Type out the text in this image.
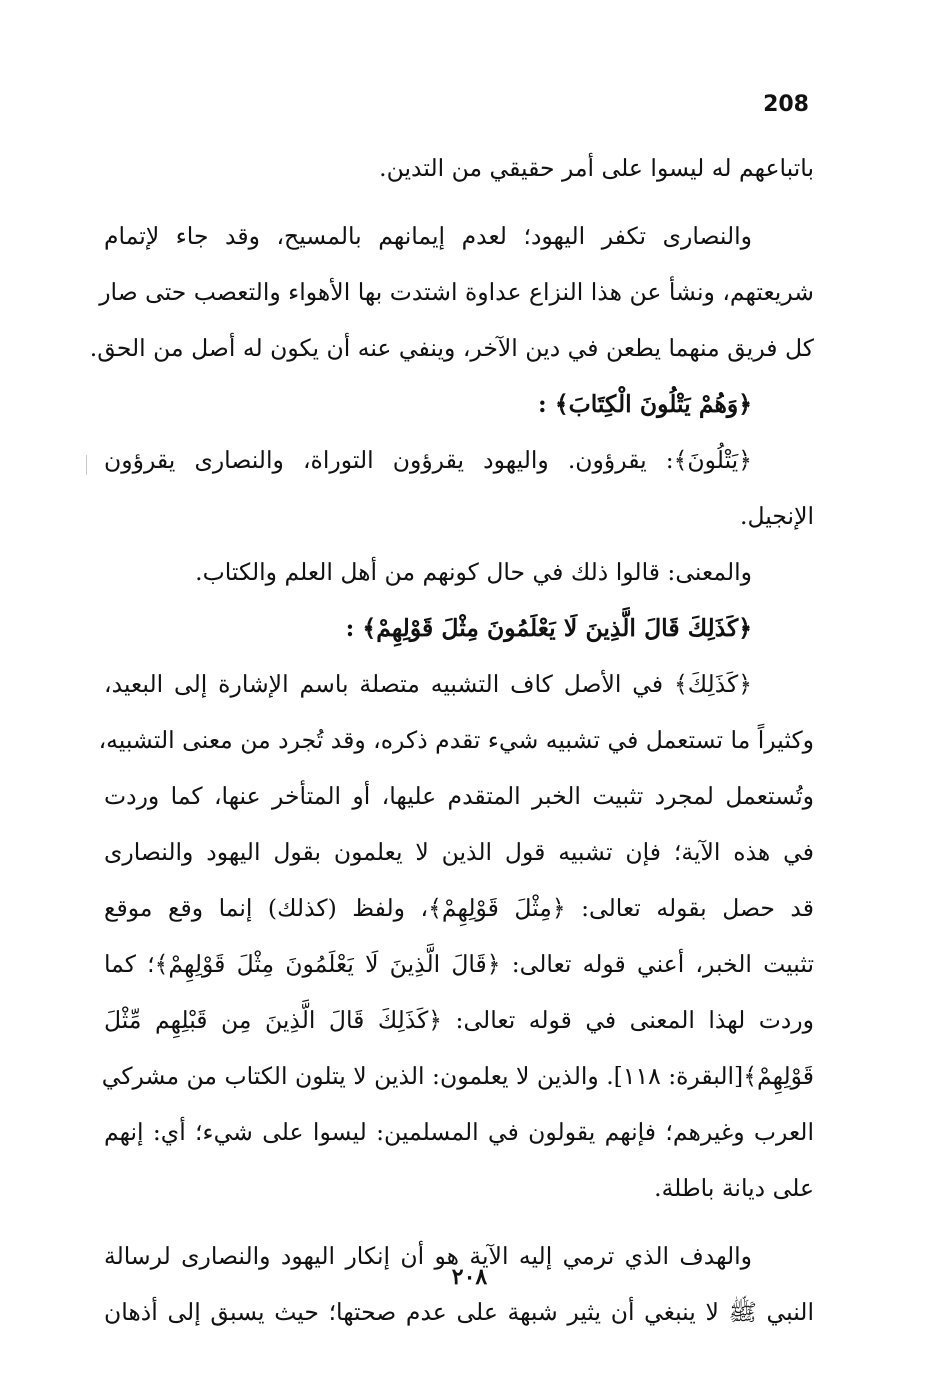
208
باتباعهم له ليسوا على أمر حقيقي من التدين.
والنصارى تكفر اليهود؛ لعدم إيمانهم بالمسيح، وقد جاء لإتمام
شريعتهم، ونشأ عن هذا النزاع عداوة اشتدت بها الأهواء والتعصب حتى صار
كل فريق منهما يطعن في دين الآخر، وينفي عنه أن يكون له أصل من الحق.
﴿وَهُمْ يَتْلُونَ الْكِتَابَ﴾ :
﴿يَتْلُونَ﴾: يقرؤون. واليهود يقرؤون التوراة، والنصارى يقرؤون
الإنجيل.
والمعنى: قالوا ذلك في حال كونهم من أهل العلم والكتاب.
﴿كَذَلِكَ قَالَ الَّذِينَ لَا يَعْلَمُونَ مِثْلَ قَوْلِهِمْ﴾ :
﴿كَذَلِكَ﴾ في الأصل كاف التشبيه متصلة باسم الإشارة إلى البعيد،
وكثيراً ما تستعمل في تشبيه شيء تقدم ذكره، وقد تُجرد من معنى التشبيه،
وتُستعمل لمجرد تثبيت الخبر المتقدم عليها، أو المتأخر عنها، كما وردت
في هذه الآية؛ فإن تشبيه قول الذين لا يعلمون بقول اليهود والنصارى
قد حصل بقوله تعالى: ﴿مِثْلَ قَوْلِهِمْ﴾، ولفظ (كذلك) إنما وقع موقع
تثبيت الخبر، أعني قوله تعالى: ﴿قَالَ الَّذِينَ لَا يَعْلَمُونَ مِثْلَ قَوْلِهِمْ﴾؛ كما
وردت لهذا المعنى في قوله تعالى: ﴿كَذَلِكَ قَالَ الَّذِينَ مِن قَبْلِهِم مِّثْلَ
قَوْلِهِمْ﴾[البقرة: ١١٨]. والذين لا يعلمون: الذين لا يتلون الكتاب من مشركي
العرب وغيرهم؛ فإنهم يقولون في المسلمين: ليسوا على شيء؛ أي: إنهم
على ديانة باطلة.
والهدف الذي ترمي إليه الآية هو أن إنكار اليهود والنصارى لرسالة
النبي ﷺ لا ينبغي أن يثير شبهة على عدم صحتها؛ حيث يسبق إلى أذهان
٢٠٨
